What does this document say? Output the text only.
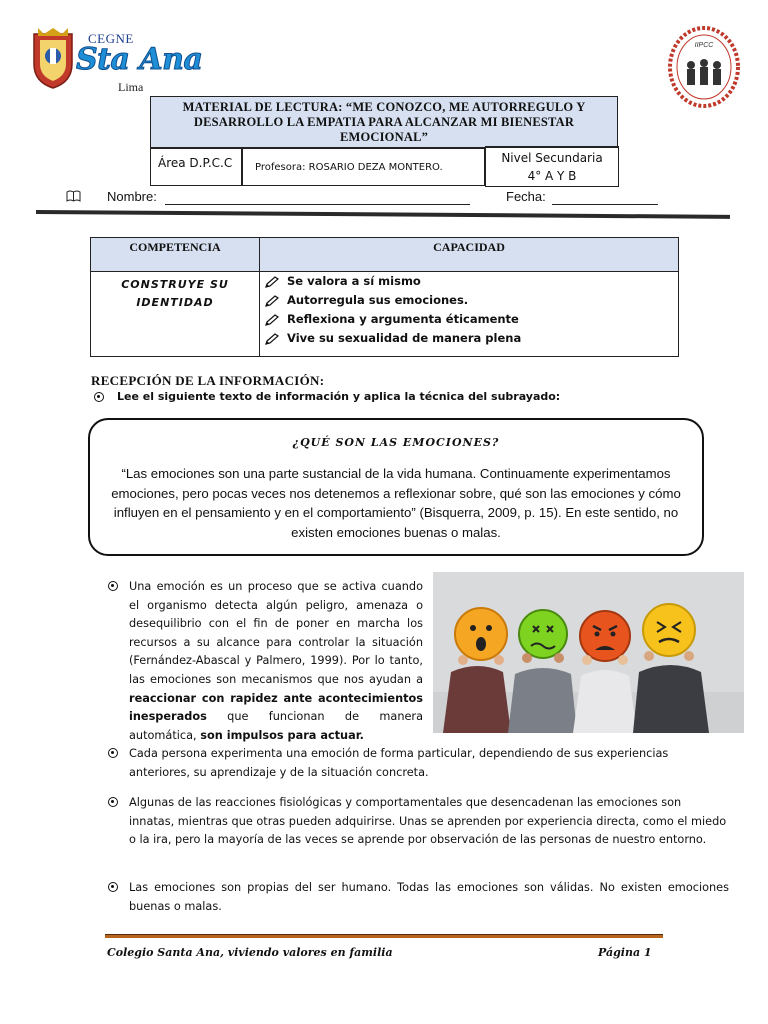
CEGNE
Sta Ana
Lima
IIPCC
MATERIAL DE LECTURA: “ME CONOZCO, ME AUTORREGULO Y DESARROLLO LA EMPATIA PARA ALCANZAR MI BIENESTAR EMOCIONAL”
Área D.P.C.C	Profesora: ROSARIO DEZA MONTERO.
Nivel Secundaria
4° A Y B
Nombre:	Fecha:
COMPETENCIA	CAPACIDAD
CONSTRUYE SU IDENTIDAD
Se valora a sí mismo
Autorregula sus emociones.
Reflexiona y argumenta éticamente
Vive su sexualidad de manera plena
RECEPCIÓN DE LA INFORMACIÓN:
Lee el siguiente texto de información y aplica la técnica del subrayado:
¿QUÉ SON LAS EMOCIONES?
“Las emociones son una parte sustancial de la vida humana. Continuamente experimentamos emociones, pero pocas veces nos detenemos a reflexionar sobre, qué son las emociones y cómo influyen en el pensamiento y en el comportamiento” (Bisquerra, 2009, p. 15). En este sentido, no existen emociones buenas o malas.
Una emoción es un proceso que se activa cuando el organismo detecta algún peligro, amenaza o desequilibrio con el fin de poner en marcha los recursos a su alcance para controlar la situación (Fernández-Abascal y Palmero, 1999). Por lo tanto, las emociones son mecanismos que nos ayudan a reaccionar con rapidez ante acontecimientos inesperados que funcionan de manera automática, son impulsos para actuar.
Cada persona experimenta una emoción de forma particular, dependiendo de sus experiencias anteriores, su aprendizaje y de la situación concreta.
Algunas de las reacciones fisiológicas y comportamentales que desencadenan las emociones son innatas, mientras que otras pueden adquirirse. Unas se aprenden por experiencia directa, como el miedo o la ira, pero la mayoría de las veces se aprende por observación de las personas de nuestro entorno.
Las emociones son propias del ser humano. Todas las emociones son válidas. No existen emociones buenas o malas.
Colegio Santa Ana, viviendo valores en familia	Página 1
